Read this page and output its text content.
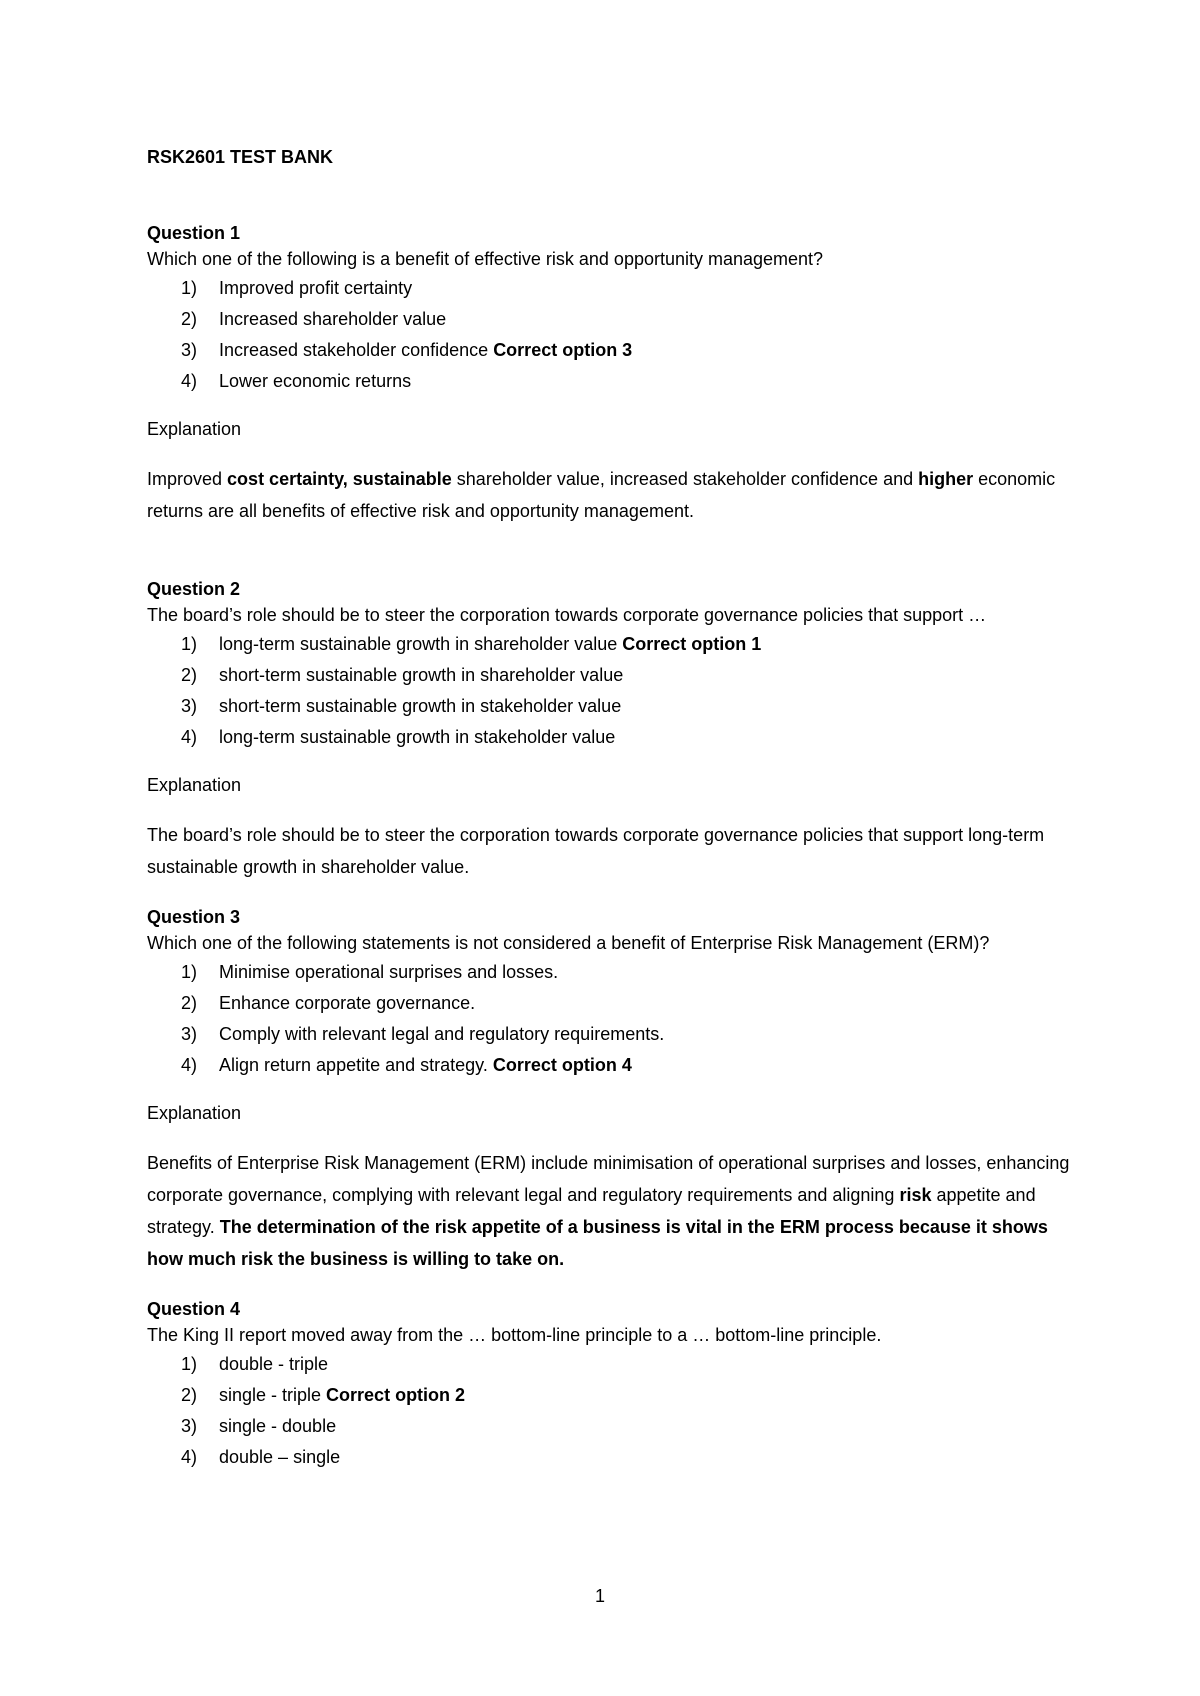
RSK2601 TEST BANK

Question 1

Which one of the following is a benefit of effective risk and opportunity management?

1) Improved profit certainty
2) Increased shareholder value
3) Increased stakeholder confidence Correct option 3
4) Lower economic returns

Explanation

Improved cost certainty, sustainable shareholder value, increased stakeholder confidence and higher economic returns are all benefits of effective risk and opportunity management.

Question 2

The board’s role should be to steer the corporation towards corporate governance policies that support …

1) long-term sustainable growth in shareholder value Correct option 1
2) short-term sustainable growth in shareholder value
3) short-term sustainable growth in stakeholder value
4) long-term sustainable growth in stakeholder value

Explanation

The board’s role should be to steer the corporation towards corporate governance policies that support long-term sustainable growth in shareholder value.

Question 3

Which one of the following statements is not considered a benefit of Enterprise Risk Management (ERM)?

1) Minimise operational surprises and losses.
2) Enhance corporate governance.
3) Comply with relevant legal and regulatory requirements.
4) Align return appetite and strategy. Correct option 4

Explanation

Benefits of Enterprise Risk Management (ERM) include minimisation of operational surprises and losses, enhancing corporate governance, complying with relevant legal and regulatory requirements and aligning risk appetite and strategy. The determination of the risk appetite of a business is vital in the ERM process because it shows how much risk the business is willing to take on.

Question 4

The King II report moved away from the … bottom-line principle to a … bottom-line principle.

1) double - triple
2) single - triple Correct option 2
3) single - double
4) double – single
1
